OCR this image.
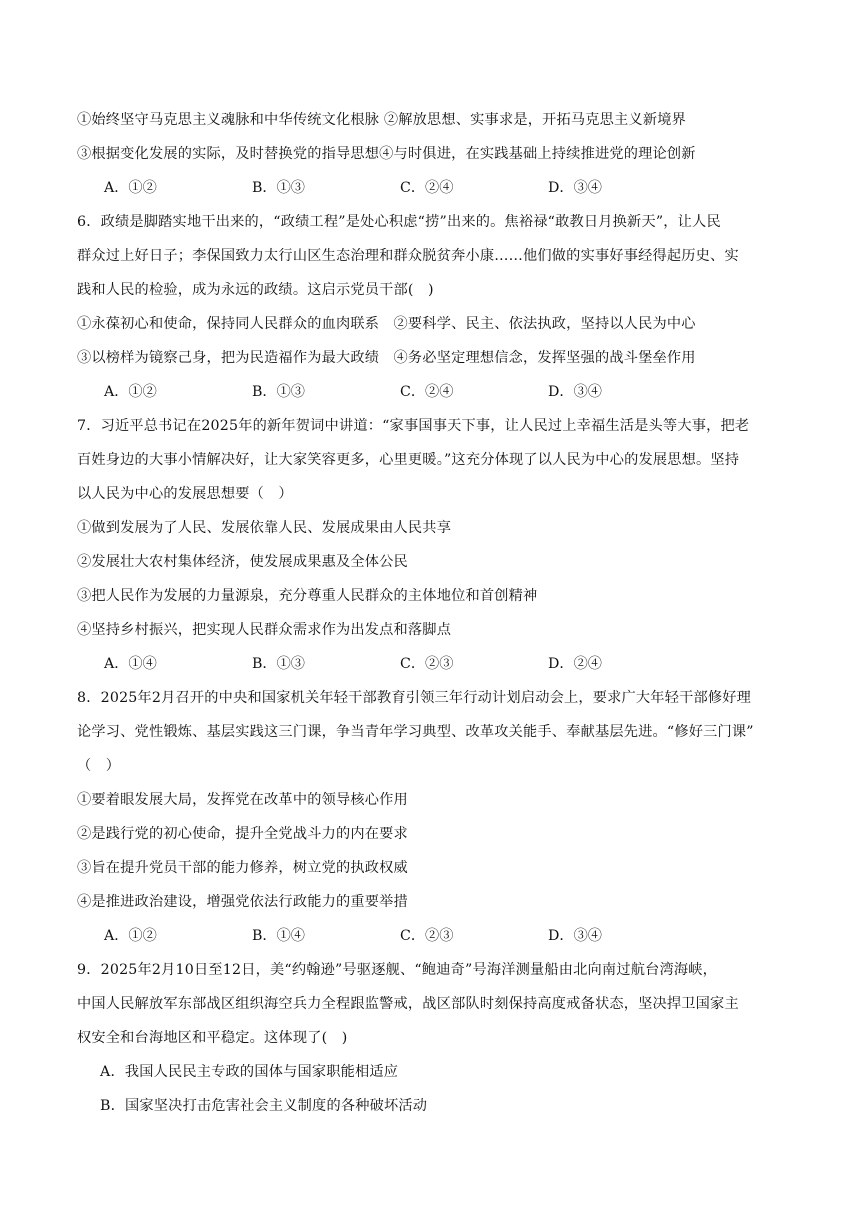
①始终坚守马克思主义魂脉和中华传统文化根脉 ②解放思想、实事求是，开拓马克思主义新境界
③根据变化发展的实际，及时替换党的指导思想④与时俱进，在实践基础上持续推进党的理论创新
A．①②	B．①③	C．②④	D．③④
6．政绩是脚踏实地干出来的，“政绩工程”是处心积虑“捞”出来的。焦裕禄“敢教日月换新天”，让人民
群众过上好日子；李保国致力太行山区生态治理和群众脱贫奔小康……他们做的实事好事经得起历史、实
践和人民的检验，成为永远的政绩。这启示党员干部(　)
①永葆初心和使命，保持同人民群众的血肉联系　②要科学、民主、依法执政，坚持以人民为中心
③以榜样为镜察己身，把为民造福作为最大政绩　④务必坚定理想信念，发挥坚强的战斗堡垒作用
A．①②	B．①③	C．②④	D．③④
7．习近平总书记在2025年的新年贺词中讲道：“家事国事天下事，让人民过上幸福生活是头等大事，把老
百姓身边的大事小情解决好，让大家笑容更多，心里更暖。”这充分体现了以人民为中心的发展思想。坚持
以人民为中心的发展思想要（　）
①做到发展为了人民、发展依靠人民、发展成果由人民共享
②发展壮大农村集体经济，使发展成果惠及全体公民
③把人民作为发展的力量源泉，充分尊重人民群众的主体地位和首创精神
④坚持乡村振兴，把实现人民群众需求作为出发点和落脚点
A．①④	B．①③	C．②③	D．②④
8．2025年2月召开的中央和国家机关年轻干部教育引领三年行动计划启动会上，要求广大年轻干部修好理
论学习、党性锻炼、基层实践这三门课，争当青年学习典型、改革攻关能手、奉献基层先进。“修好三门课”
（　）
①要着眼发展大局，发挥党在改革中的领导核心作用
②是践行党的初心使命，提升全党战斗力的内在要求
③旨在提升党员干部的能力修养，树立党的执政权威
④是推进政治建设，增强党依法行政能力的重要举措
A．①②	B．①④	C．②③	D．③④
9．2025年2月10日至12日，美“约翰逊”号驱逐舰、“鲍迪奇”号海洋测量船由北向南过航台湾海峡，
中国人民解放军东部战区组织海空兵力全程跟监警戒，战区部队时刻保持高度戒备状态，坚决捍卫国家主
权安全和台海地区和平稳定。这体现了(　)
A．我国人民民主专政的国体与国家职能相适应
B．国家坚决打击危害社会主义制度的各种破坏活动
